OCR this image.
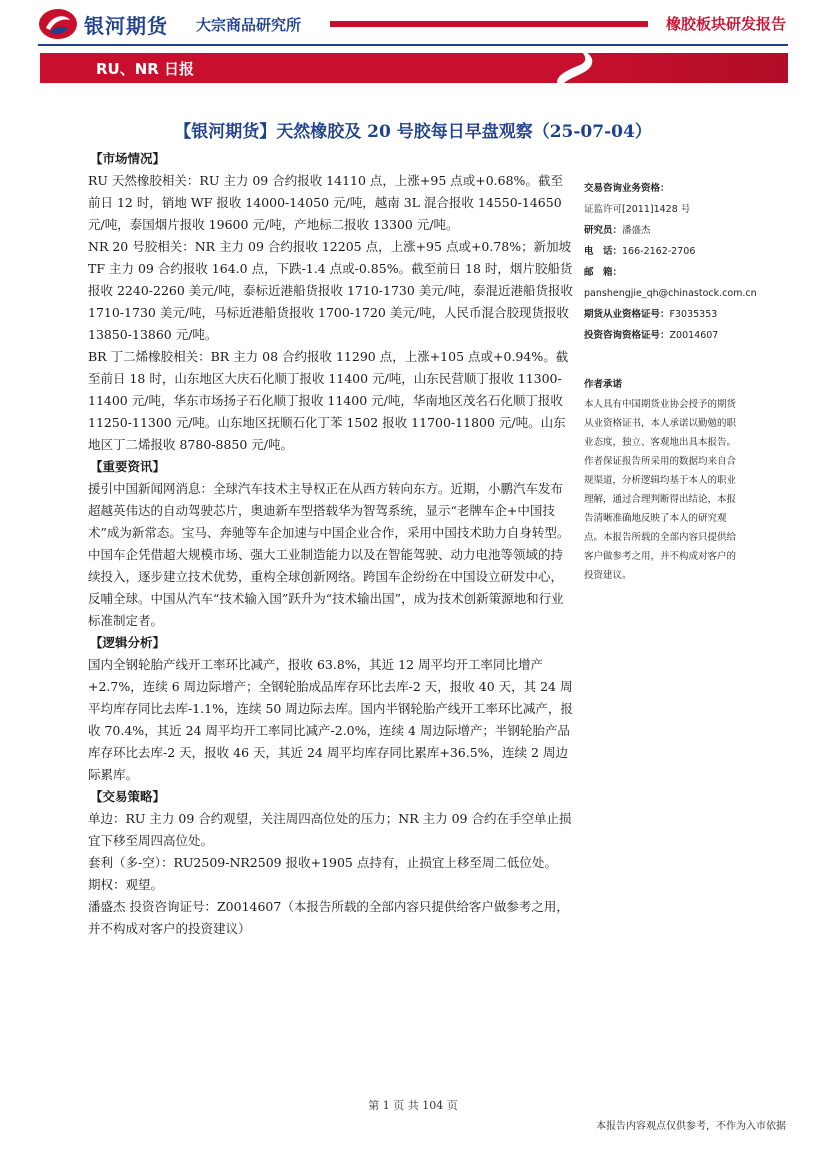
银河期货 大宗商品研究所	橡胶板块研发报告
RU、NR 日报
【银河期货】天然橡胶及 20 号胶每日早盘观察（25-07-04）
【市场情况】

RU 天然橡胶相关：RU 主力 09 合约报收 14110 点，上涨+95 点或+0.68%。截至前日 12 时，销地 WF 报收 14000-14050 元/吨，越南 3L 混合报收 14550-14650 元/吨，泰国烟片报收 19600 元/吨，产地标二报收 13300 元/吨。

NR 20 号胶相关：NR 主力 09 合约报收 12205 点，上涨+95 点或+0.78%；新加坡 TF 主力 09 合约报收 164.0 点，下跌-1.4 点或-0.85%。截至前日 18 时，烟片胶船货报收 2240-2260 美元/吨，泰标近港船货报收 1710-1730 美元/吨，泰混近港船货报收 1710-1730 美元/吨，马标近港船货报收 1700-1720 美元/吨，人民币混合胶现货报收 13850-13860 元/吨。

BR 丁二烯橡胶相关：BR 主力 08 合约报收 11290 点，上涨+105 点或+0.94%。截至前日 18 时，山东地区大庆石化顺丁报收 11400 元/吨，山东民营顺丁报收 11300-11400 元/吨，华东市场扬子石化顺丁报收 11400 元/吨，华南地区茂名石化顺丁报收 11250-11300 元/吨。山东地区抚顺石化丁苯 1502 报收 11700-11800 元/吨。山东地区丁二烯报收 8780-8850 元/吨。

【重要资讯】

援引中国新闻网消息：全球汽车技术主导权正在从西方转向东方。近期，小鹏汽车发布超越英伟达的自动驾驶芯片，奥迪新车型搭载华为智驾系统，显示“老牌车企+中国技术”成为新常态。宝马、奔驰等车企加速与中国企业合作，采用中国技术助力自身转型。中国车企凭借超大规模市场、强大工业制造能力以及在智能驾驶、动力电池等领域的持续投入，逐步建立技术优势，重构全球创新网络。跨国车企纷纷在中国设立研发中心，反哺全球。中国从汽车“技术输入国”跃升为“技术输出国”，成为技术创新策源地和行业标准制定者。

【逻辑分析】

国内全钢轮胎产线开工率环比减产，报收 63.8%，其近 12 周平均开工率同比增产+2.7%，连续 6 周边际增产；全钢轮胎成品库存环比去库-2 天，报收 40 天，其 24 周平均库存同比去库-1.1%，连续 50 周边际去库。国内半钢轮胎产线开工率环比减产，报收 70.4%，其近 24 周平均开工率同比减产-2.0%，连续 4 周边际增产；半钢轮胎产品库存环比去库-2 天，报收 46 天，其近 24 周平均库存同比累库+36.5%，连续 2 周边际累库。

【交易策略】

单边：RU 主力 09 合约观望，关注周四高位处的压力；NR 主力 09 合约在手空单止损宜下移至周四高位处。

套利（多-空）：RU2509-NR2509 报收+1905 点持有，止损宜上移至周二低位处。

期权：观望。

潘盛杰 投资咨询证号：Z0014607（本报告所载的全部内容只提供给客户做参考之用，并不构成对客户的投资建议）

交易咨询业务资格：
证监许可[2011]1428 号
研究员：潘盛杰
电　话：166-2162-2706
邮　箱：
panshengjie_qh@chinastock.com.cn
期货从业资格证号：F3035353
投资咨询资格证号：Z0014607
作者承诺
本人具有中国期货业协会授予的期货
从业资格证书，本人承诺以勤勉的职
业态度，独立、客观地出具本报告。
作者保证报告所采用的数据均来自合
规渠道，分析逻辑均基于本人的职业
理解，通过合理判断得出结论，本报
告清晰准确地反映了本人的研究观
点。本报告所载的全部内容只提供给
客户做参考之用，并不构成对客户的
投资建议。
第 1 页 共 104 页
本报告内容观点仅供参考，不作为入市依据
